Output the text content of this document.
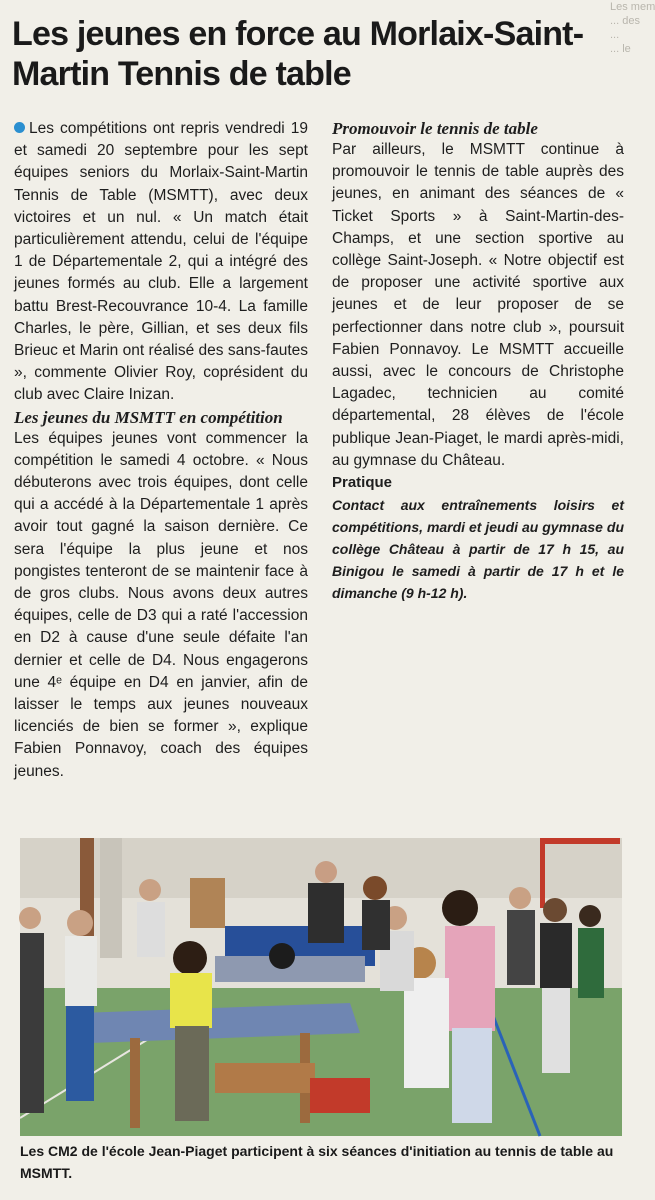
Les mem
... des
...
... le
Les jeunes en force au Morlaix-Saint-Martin Tennis de table

Les compétitions ont repris vendredi 19 et samedi 20 septembre pour les sept équipes seniors du Morlaix-Saint-Martin Tennis de Table (MSMTT), avec deux victoires et un nul. « Un match était particulièrement attendu, celui de l'équipe 1 de Départementale 2, qui a intégré des jeunes formés au club. Elle a largement battu Brest-Recouvrance 10-4. La famille Charles, le père, Gillian, et ses deux fils Brieuc et Marin ont réalisé des sans-fautes », commente Olivier Roy, coprésident du club avec Claire Inizan.

Les jeunes du MSMTT en compétition

Les équipes jeunes vont commencer la compétition le samedi 4 octobre. « Nous débuterons avec trois équipes, dont celle qui a accédé à la Départementale 1 après avoir tout gagné la saison dernière. Ce sera l'équipe la plus jeune et nos pongistes tenteront de se maintenir face à de gros clubs. Nous avons deux autres équipes, celle de D3 qui a raté l'accession en D2 à cause d'une seule défaite l'an dernier et celle de D4. Nous engagerons une 4ᵉ équipe en D4 en janvier, afin de laisser le temps aux jeunes nouveaux licenciés de bien se former », explique Fabien Ponnavoy, coach des équipes jeunes.

Promouvoir le tennis de table

Par ailleurs, le MSMTT continue à promouvoir le tennis de table auprès des jeunes, en animant des séances de « Ticket Sports » à Saint-Martin-des-Champs, et une section sportive au collège Saint-Joseph. « Notre objectif est de proposer une activité sportive aux jeunes et de leur proposer de se perfectionner dans notre club », poursuit Fabien Ponnavoy. Le MSMTT accueille aussi, avec le concours de Christophe Lagadec, technicien au comité départemental, 28 élèves de l'école publique Jean-Piaget, le mardi après-midi, au gymnase du Château.

Pratique

Contact aux entraînements loisirs et compétitions, mardi et jeudi au gymnase du collège Château à partir de 17 h 15, au Binigou le samedi à partir de 17 h et le dimanche (9 h-12 h).

Les CM2 de l'école Jean-Piaget participent à six séances d'initiation au tennis de table au MSMTT.
